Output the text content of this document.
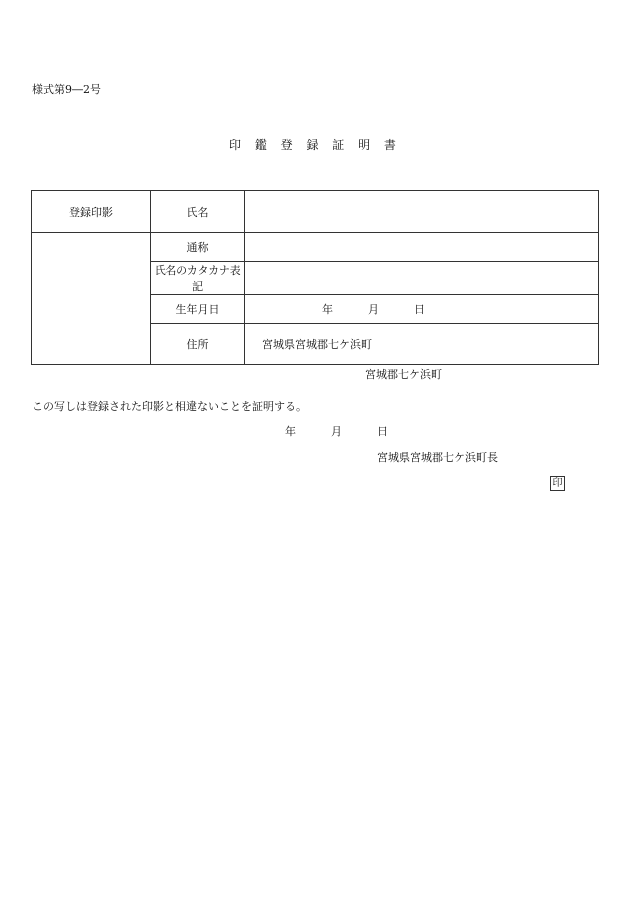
様式第9―2号
印 鑑 登 録 証 明 書
登録印影	氏名	
	通称	
	氏名のカタカナ表記	
	生年月日	年 月 日
	住所	宮城県宮城郡七ケ浜町
宮城郡七ケ浜町
この写しは登録された印影と相違ないことを証明する。
年	月	日
宮城県宮城郡七ケ浜町長
印
